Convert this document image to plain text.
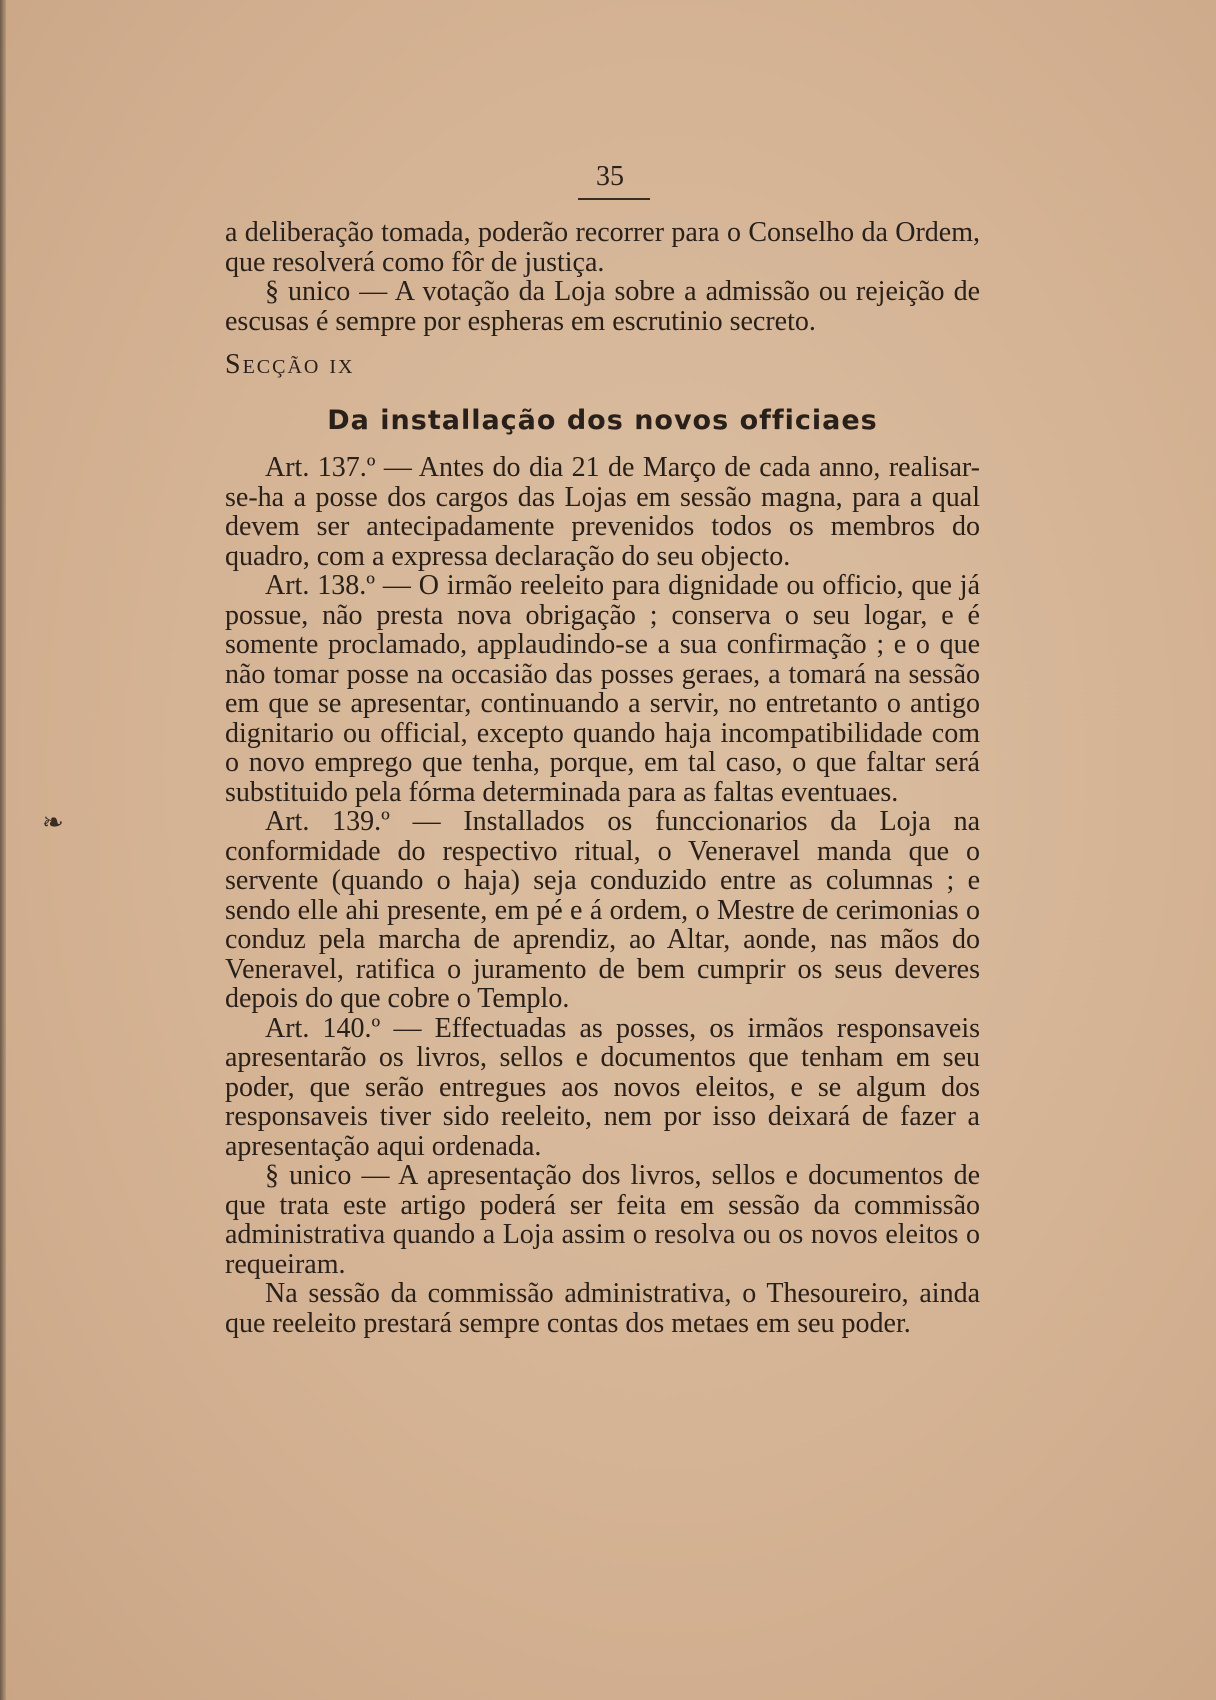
35
❧

a deliberação tomada, poderão recorrer para o Conselho da Ordem, que resolverá como fôr de justiça.

§ unico — A votação da Loja sobre a admissão ou rejeição de escusas é sempre por espheras em escrutinio secreto.

Secção ix

Da installação dos novos officiaes

Art. 137.º — Antes do dia 21 de Março de cada anno, realisar-se-ha a posse dos cargos das Lojas em sessão magna, para a qual devem ser antecipadamente prevenidos todos os membros do quadro, com a expressa declaração do seu objecto.

Art. 138.º — O irmão reeleito para dignidade ou officio, que já possue, não presta nova obrigação ; conserva o seu logar, e é somente proclamado, applaudindo-se a sua confirmação ; e o que não tomar posse na occasião das posses geraes, a tomará na sessão em que se apresentar, continuando a servir, no entretanto o antigo dignitario ou official, excepto quando haja incompatibilidade com o novo emprego que tenha, porque, em tal caso, o que faltar será substituido pela fórma determinada para as faltas eventuaes.

Art. 139.º — Installados os funccionarios da Loja na conformidade do respectivo ritual, o Veneravel manda que o servente (quando o haja) seja conduzido entre as columnas ; e sendo elle ahi presente, em pé e á ordem, o Mestre de cerimonias o conduz pela marcha de aprendiz, ao Altar, aonde, nas mãos do Veneravel, ratifica o juramento de bem cumprir os seus deveres depois do que cobre o Templo.

Art. 140.º — Effectuadas as posses, os irmãos responsaveis apresentarão os livros, sellos e documentos que tenham em seu poder, que serão entregues aos novos eleitos, e se algum dos responsaveis tiver sido reeleito, nem por isso deixará de fazer a apresentação aqui ordenada.

§ unico — A apresentação dos livros, sellos e documentos de que trata este artigo poderá ser feita em sessão da commissão administrativa quando a Loja assim o resolva ou os novos eleitos o requeiram.

Na sessão da commissão administrativa, o Thesoureiro, ainda que reeleito prestará sempre contas dos metaes em seu poder.
